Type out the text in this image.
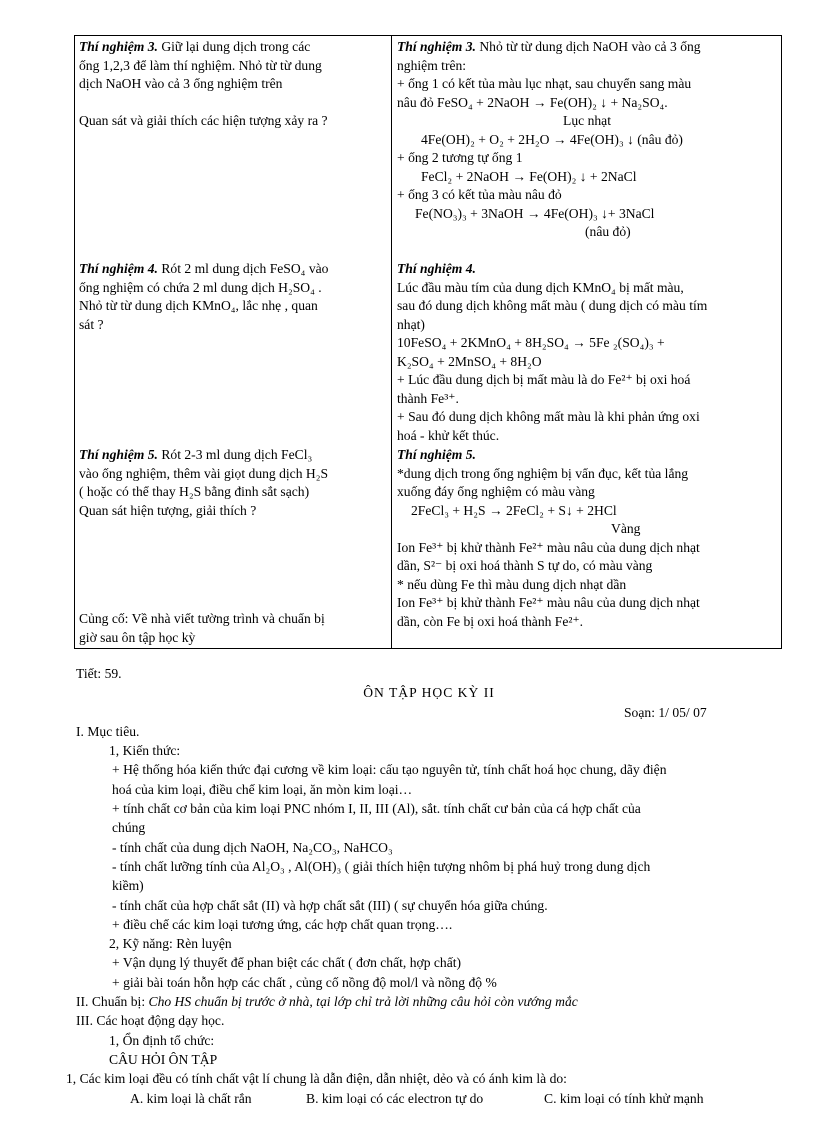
Thí nghiệm 3. Giữ lại dung dịch trong các
ống 1,2,3 để làm thí nghiệm. Nhỏ từ từ dung
dịch NaOH vào cả 3 ống nghiệm trên

Quan sát và giải thích các hiện tượng xảy ra ?
Thí nghiệm 3. Nhỏ từ từ dung dịch NaOH vào cả 3 ống
nghiệm trên:
+ ống 1 có kết tủa màu lục nhạt, sau chuyển sang màu
nâu đỏ FeSO₄ + 2NaOH → Fe(OH)₂ ↓ + Na₂SO₄.
Lục nhạt
4Fe(OH)₂ + O₂ + 2H₂O → 4Fe(OH)₃ ↓ (nâu đỏ)
+ ống 2 tương tự ống 1
FeCl₂ + 2NaOH → Fe(OH)₂ ↓ + 2NaCl
+ ống 3 có kết tủa màu nâu đỏ
Fe(NO₃)₃ + 3NaOH → 4Fe(OH)₃ ↓+ 3NaCl
(nâu đỏ)
Thí nghiệm 4. Rót 2 ml dung dịch FeSO₄ vào
ống nghiệm có chứa 2 ml dung dịch H₂SO₄ .
Nhỏ từ từ dung dịch KMnO₄, lắc nhẹ , quan
sát ?
Thí nghiệm 4.
Lúc đầu màu tím của dung dịch KMnO₄ bị mất màu,
sau đó dung dịch không mất màu ( dung dịch có màu tím
nhạt)
10FeSO₄ + 2KMnO₄ + 8H₂SO₄ → 5Fe ₂(SO₄)₃ +
K₂SO₄ + 2MnSO₄ + 8H₂O
+ Lúc đầu dung dịch bị mất màu là do Fe²⁺ bị oxi hoá
thành Fe³⁺.
+ Sau đó dung dịch không mất màu là khi phản ứng oxi
hoá - khử kết thúc.
Thí nghiệm 5. Rót 2-3 ml dung dịch FeCl₃
vào ống nghiệm, thêm vài giọt dung dịch H₂S
( hoặc có thể thay H₂S bằng đinh sắt sạch)
Quan sát hiện tượng, giải thích ?
Củng cố: Về nhà viết tường trình và chuẩn bị
giờ sau ôn tập học kỳ
Thí nghiệm 5.
*dung dịch trong ống nghiệm bị vẩn đục, kết tủa lắng
xuống đáy ống nghiệm có màu vàng
2FeCl₃ + H₂S → 2FeCl₂ + S↓ + 2HCl
Vàng
Ion Fe³⁺ bị khử thành Fe²⁺ màu nâu của dung dịch nhạt
dần, S²⁻ bị oxi hoá thành S tự do, có màu vàng
* nếu dùng Fe thì màu dung dịch nhạt dần
Ion Fe³⁺ bị khử thành Fe²⁺ màu nâu của dung dịch nhạt
dần, còn Fe bị oxi hoá thành Fe²⁺.
Tiết: 59.
ÔN TẬP HỌC KỲ II
Soạn: 1/ 05/ 07
I. Mục tiêu.
1, Kiến thức:
+ Hệ thống hóa kiến thức đại cương về kim loại: cấu tạo nguyên tử, tính chất hoá học chung, dãy điện
hoá của kim loại, điều chế kim loại, ăn mòn kim loại…
+ tính chất cơ bản của kim loại PNC nhóm I, II, III (Al), sắt. tính chất cư bản của cá hợp chất của
chúng
- tính chất của dung dịch NaOH, Na₂CO₃, NaHCO₃
- tính chất lưỡng tính của Al₂O₃ , Al(OH)₃ ( giải thích hiện tượng nhôm bị phá huỷ trong dung dịch
kiềm)
- tính chất của hợp chất sắt (II) và hợp chất sắt (III) ( sự chuyển hóa giữa chúng.
+ điều chế các kim loại tương ứng, các hợp chất quan trọng….
2, Kỹ năng: Rèn luyện
+ Vận dụng lý thuyết để phan biệt các chất ( đơn chất, hợp chất)
+ giải bài toán hỗn hợp các chất , củng cố nồng độ mol/l và nồng độ %
II. Chuẩn bị: Cho HS chuẩn bị trước ở nhà, tại lớp chỉ trả lời những câu hỏi còn vướng mắc
III. Các hoạt động dạy học.
1, Ổn định tổ chức:
CÂU HỎI ÔN TẬP
1, Các kim loại đều có tính chất vật lí chung là dẫn điện, dẫn nhiệt, dẻo và có ánh kim là do:
A. kim loại là chất rắn	B. kim loại có các electron tự do	C. kim loại có tính khử mạnh
